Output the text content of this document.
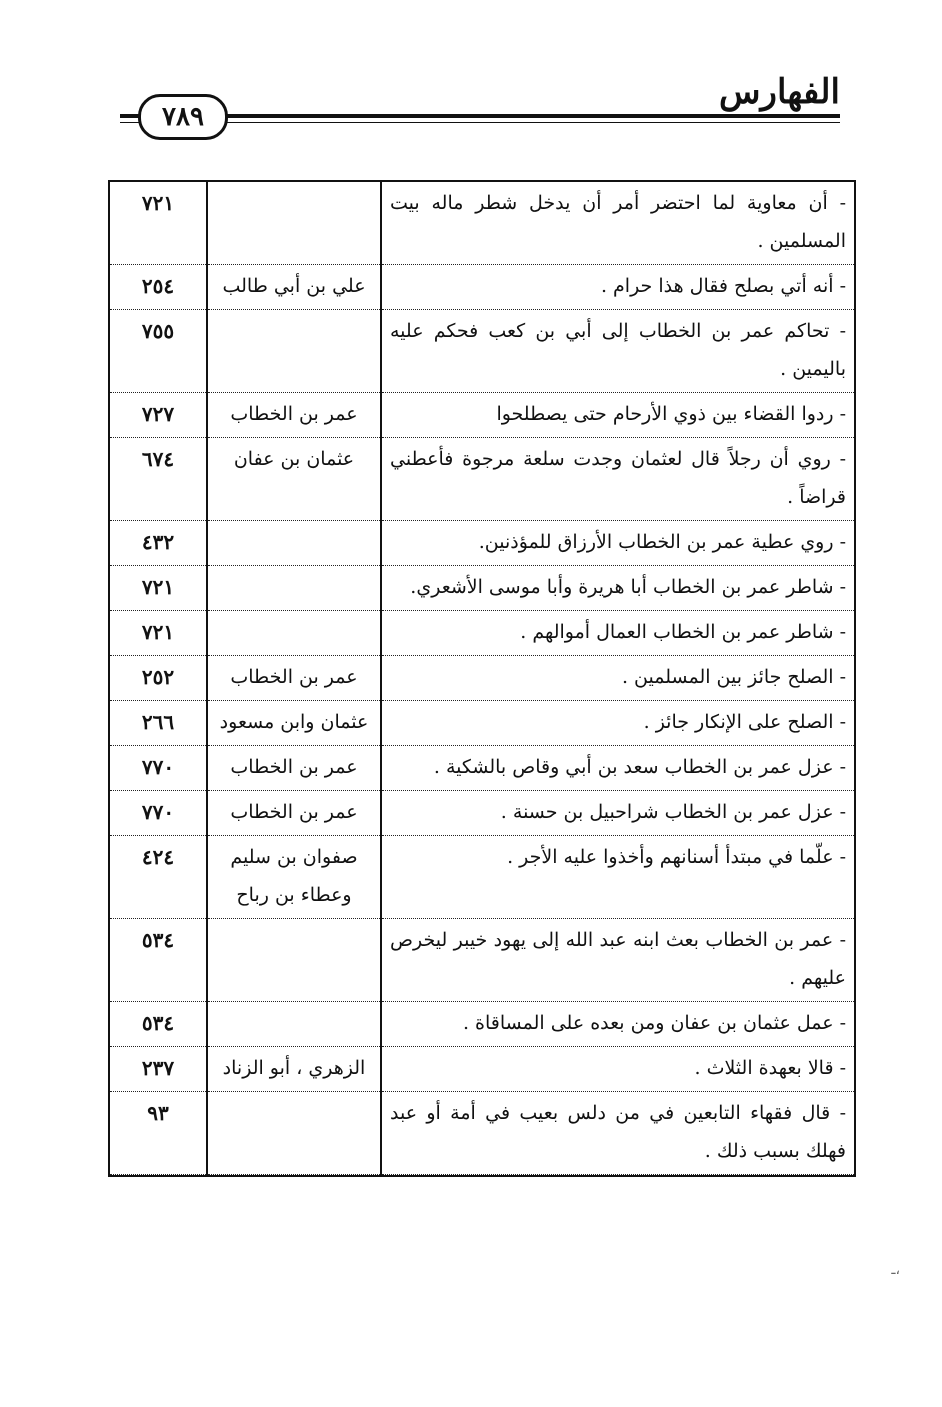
الفهارس
٧٨٩
- أن معاوية لما احتضر أمر أن يدخل شطر ماله بيت المسلمين .		٧٢١
- أنه أتي بصلح فقال هذا حرام .	علي بن أبي طالب	٢٥٤
- تحاكم عمر بن الخطاب إلى أبي بن كعب فحكم عليه باليمين .		٧٥٥
- ردوا القضاء بين ذوي الأرحام حتى يصطلحوا	عمر بن الخطاب	٧٢٧
- روي أن رجلاً قال لعثمان وجدت سلعة مرجوة فأعطني قراضاً .	عثمان بن عفان	٦٧٤
- روي عطية عمر بن الخطاب الأرزاق للمؤذنين.		٤٣٢
- شاطر عمر بن الخطاب أبا هريرة وأبا موسى الأشعري.		٧٢١
- شاطر عمر بن الخطاب العمال أموالهم .		٧٢١
- الصلح جائز بين المسلمين .	عمر بن الخطاب	٢٥٢
- الصلح على الإنكار جائز .	عثمان وابن مسعود	٢٦٦
- عزل عمر بن الخطاب سعد بن أبي وقاص بالشكية .	عمر بن الخطاب	٧٧٠
- عزل عمر بن الخطاب شراحبيل بن حسنة .	عمر بن الخطاب	٧٧٠
- علّما في مبتدأ أسنانهم وأخذوا عليه الأجر .	صفوان بن سليم وعطاء بن رباح	٤٢٤
- عمر بن الخطاب بعث ابنه عبد الله إلى يهود خيبر ليخرص عليهم .		٥٣٤
- عمل عثمان بن عفان ومن بعده على المساقاة .		٥٣٤
- قالا بعهدة الثلاث .	الزهري ، أبو الزناد	٢٣٧
- قال فقهاء التابعين في من دلس بعيب في أمة أو عبد فهلك بسبب ذلك .		٩٣
ـ،
